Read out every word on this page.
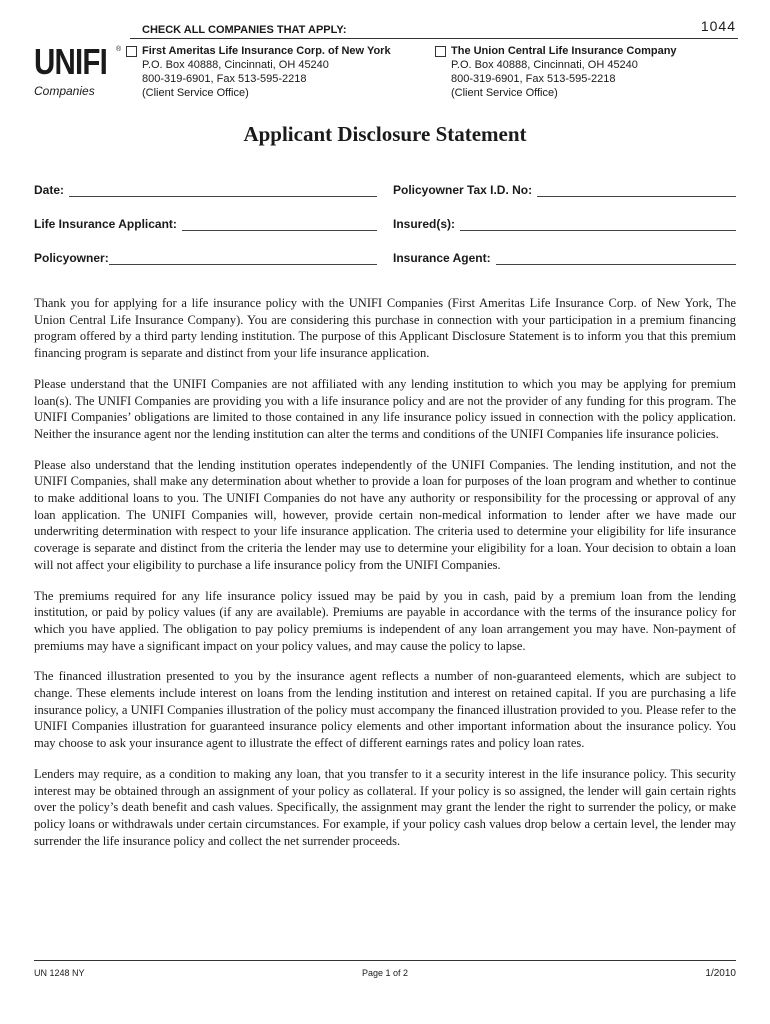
1044
CHECK ALL COMPANIES THAT APPLY:
UNIFI ®
Companies
First Ameritas Life Insurance Corp. of New York
P.O. Box 40888, Cincinnati, OH 45240
800-319-6901, Fax 513-595-2218
(Client Service Office)
The Union Central Life Insurance Company
P.O. Box 40888, Cincinnati, OH 45240
800-319-6901, Fax 513-595-2218
(Client Service Office)
Applicant Disclosure Statement
Date:	Policyowner Tax I.D. No:
Life Insurance Applicant:	Insured(s):
Policyowner:	Insurance Agent:

Thank you for applying for a life insurance policy with the UNIFI Companies (First Ameritas Life Insurance Corp. of New York, The Union Central Life Insurance Company). You are considering this purchase in connection with your participation in a premium financing program offered by a third party lending institution. The purpose of this Applicant Disclosure Statement is to inform you that this premium financing program is separate and distinct from your life insurance application.

Please understand that the UNIFI Companies are not affiliated with any lending institution to which you may be applying for premium loan(s). The UNIFI Companies are providing you with a life insurance policy and are not the provider of any funding for this program. The UNIFI Companies’ obligations are limited to those contained in any life insurance policy issued in connection with the policy application. Neither the insurance agent nor the lending institution can alter the terms and conditions of the UNIFI Companies life insurance policies.

Please also understand that the lending institution operates independently of the UNIFI Companies. The lending institution, and not the UNIFI Companies, shall make any determination about whether to provide a loan for purposes of the loan program and whether to continue to make additional loans to you. The UNIFI Companies do not have any authority or responsibility for the processing or approval of any loan application. The UNIFI Companies will, however, provide certain non-medical information to lender after we have made our underwriting determination with respect to your life insurance application. The criteria used to determine your eligibility for life insurance coverage is separate and distinct from the criteria the lender may use to determine your eligibility for a loan. Your decision to obtain a loan will not affect your eligibility to purchase a life insurance policy from the UNIFI Companies.

The premiums required for any life insurance policy issued may be paid by you in cash, paid by a premium loan from the lending institution, or paid by policy values (if any are available). Premiums are payable in accordance with the terms of the insurance policy for which you have applied. The obligation to pay policy premiums is independent of any loan arrangement you may have. Non-payment of premiums may have a significant impact on your policy values, and may cause the policy to lapse.

The financed illustration presented to you by the insurance agent reflects a number of non-guaranteed elements, which are subject to change. These elements include interest on loans from the lending institution and interest on retained capital. If you are purchasing a life insurance policy, a UNIFI Companies illustration of the policy must accompany the financed illustration provided to you. Please refer to the UNIFI Companies illustration for guaranteed insurance policy elements and other important information about the insurance policy. You may choose to ask your insurance agent to illustrate the effect of different earnings rates and policy loan rates.

Lenders may require, as a condition to making any loan, that you transfer to it a security interest in the life insurance policy. This security interest may be obtained through an assignment of your policy as collateral. If your policy is so assigned, the lender will gain certain rights over the policy’s death benefit and cash values. Specifically, the assignment may grant the lender the right to surrender the policy, or make policy loans or withdrawals under certain circumstances. For example, if your policy cash values drop below a certain level, the lender may surrender the life insurance policy and collect the net surrender proceeds.

UN 1248 NY	Page 1 of 2	1/2010
